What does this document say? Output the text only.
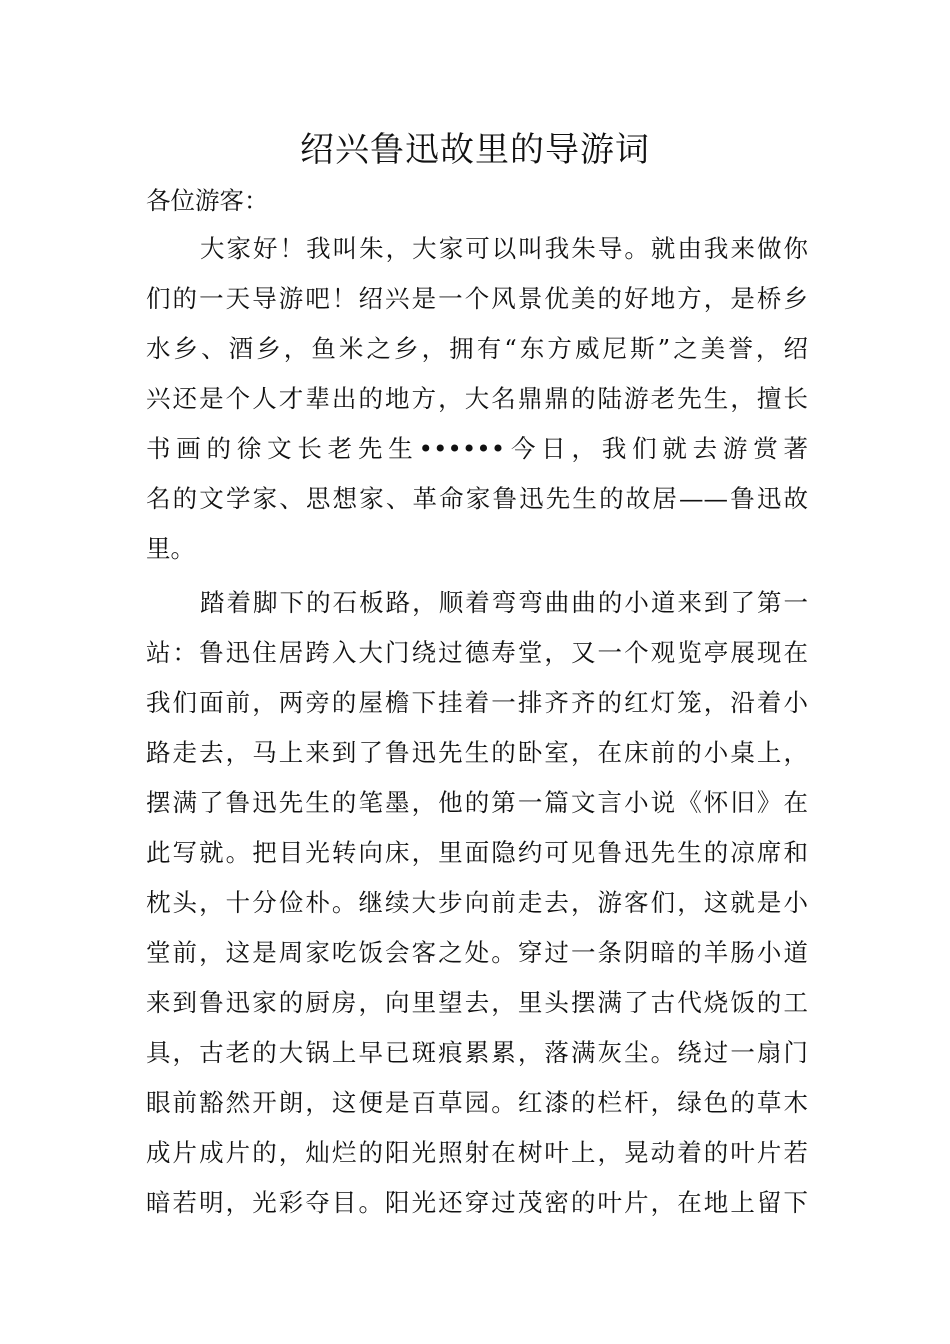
绍兴鲁迅故里的导游词

各位游客：

大家好！我叫朱，大家可以叫我朱导。就由我来做你
们的一天导游吧！绍兴是一个风景优美的好地方，是桥乡
水乡、酒乡，鱼米之乡，拥有“东方威尼斯”之美誉，绍
兴还是个人才辈出的地方，大名鼎鼎的陆游老先生，擅长
书画的徐文长老先生••••••今日，我们就去游赏著
名的文学家、思想家、革命家鲁迅先生的故居——鲁迅故
里。

踏着脚下的石板路，顺着弯弯曲曲的小道来到了第一
站：鲁迅住居跨入大门绕过德寿堂，又一个观览亭展现在
我们面前，两旁的屋檐下挂着一排齐齐的红灯笼，沿着小
路走去，马上来到了鲁迅先生的卧室，在床前的小桌上，
摆满了鲁迅先生的笔墨，他的第一篇文言小说《怀旧》在
此写就。把目光转向床，里面隐约可见鲁迅先生的凉席和
枕头，十分俭朴。继续大步向前走去，游客们，这就是小
堂前，这是周家吃饭会客之处。穿过一条阴暗的羊肠小道
来到鲁迅家的厨房，向里望去，里头摆满了古代烧饭的工
具，古老的大锅上早已斑痕累累，落满灰尘。绕过一扇门
眼前豁然开朗，这便是百草园。红漆的栏杆，绿色的草木
成片成片的，灿烂的阳光照射在树叶上，晃动着的叶片若
暗若明，光彩夺目。阳光还穿过茂密的叶片，在地上留下
